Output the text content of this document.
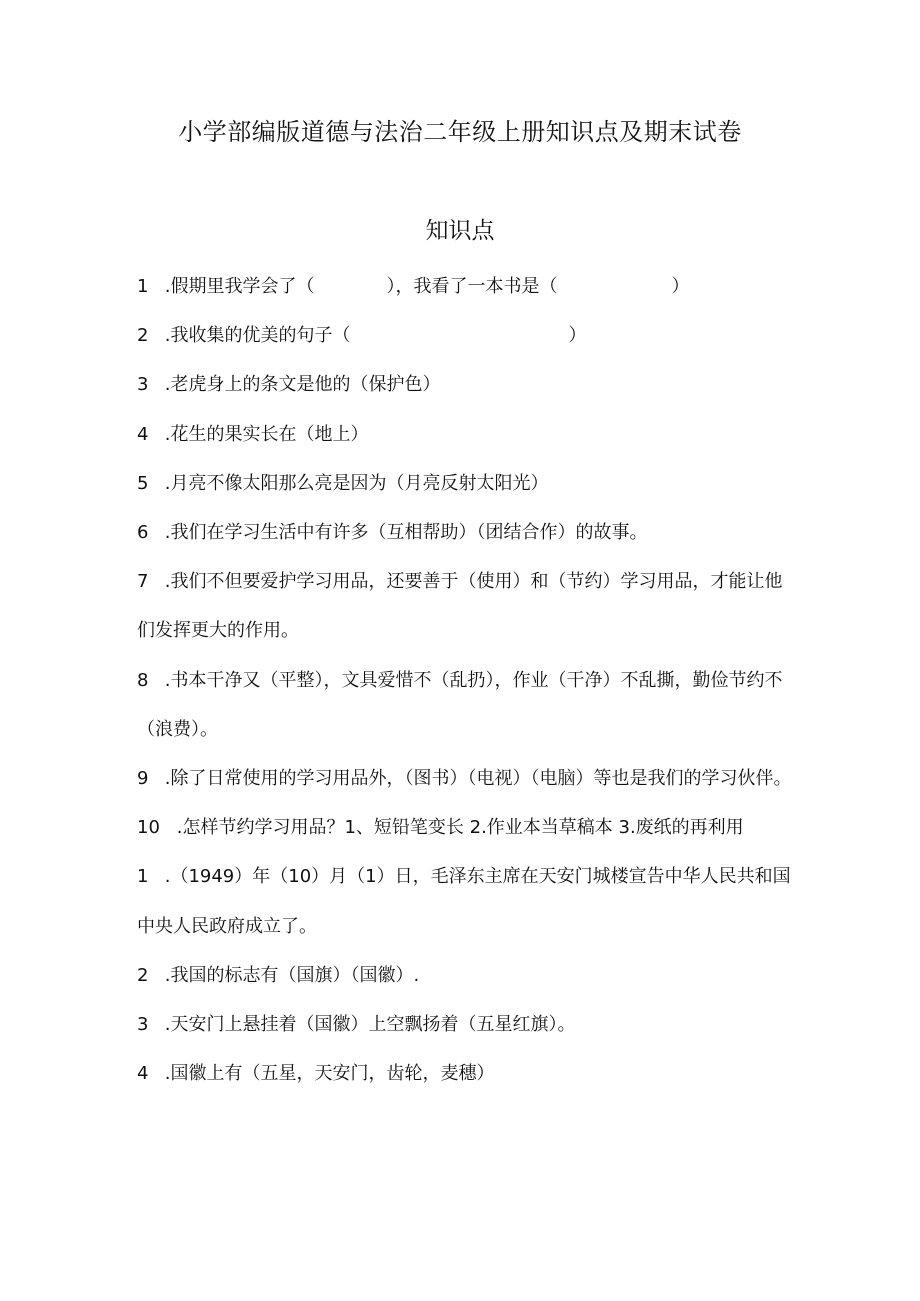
小学部编版道德与法治二年级上册知识点及期末试卷
知识点

1 .假期里我学会了（	），我看了一本书是（	）

2 .我收集的优美的句子（	）

3 .老虎身上的条文是他的（保护色）

4 .花生的果实长在（地上）

5 .月亮不像太阳那么亮是因为（月亮反射太阳光）

6 .我们在学习生活中有许多（互相帮助）（团结合作）的故事。

7 .我们不但要爱护学习用品，还要善于（使用）和（节约）学习用品，才能让他们发挥更大的作用。

8 .书本干净又（平整），文具爱惜不（乱扔），作业（干净）不乱撕，勤俭节约不（浪费）。

9 .除了日常使用的学习用品外，（图书）（电视）（电脑）等也是我们的学习伙伴。

10 .怎样节约学习用品？1、短铅笔变长 2.作业本当草稿本 3.废纸的再利用

1 .（1949）年（10）月（1）日，毛泽东主席在天安门城楼宣告中华人民共和国中央人民政府成立了。

2 .我国的标志有（国旗）（国徽）.

3 .天安门上悬挂着（国徽）上空飘扬着（五星红旗）。

4 .国徽上有（五星，天安门，齿轮，麦穗）
